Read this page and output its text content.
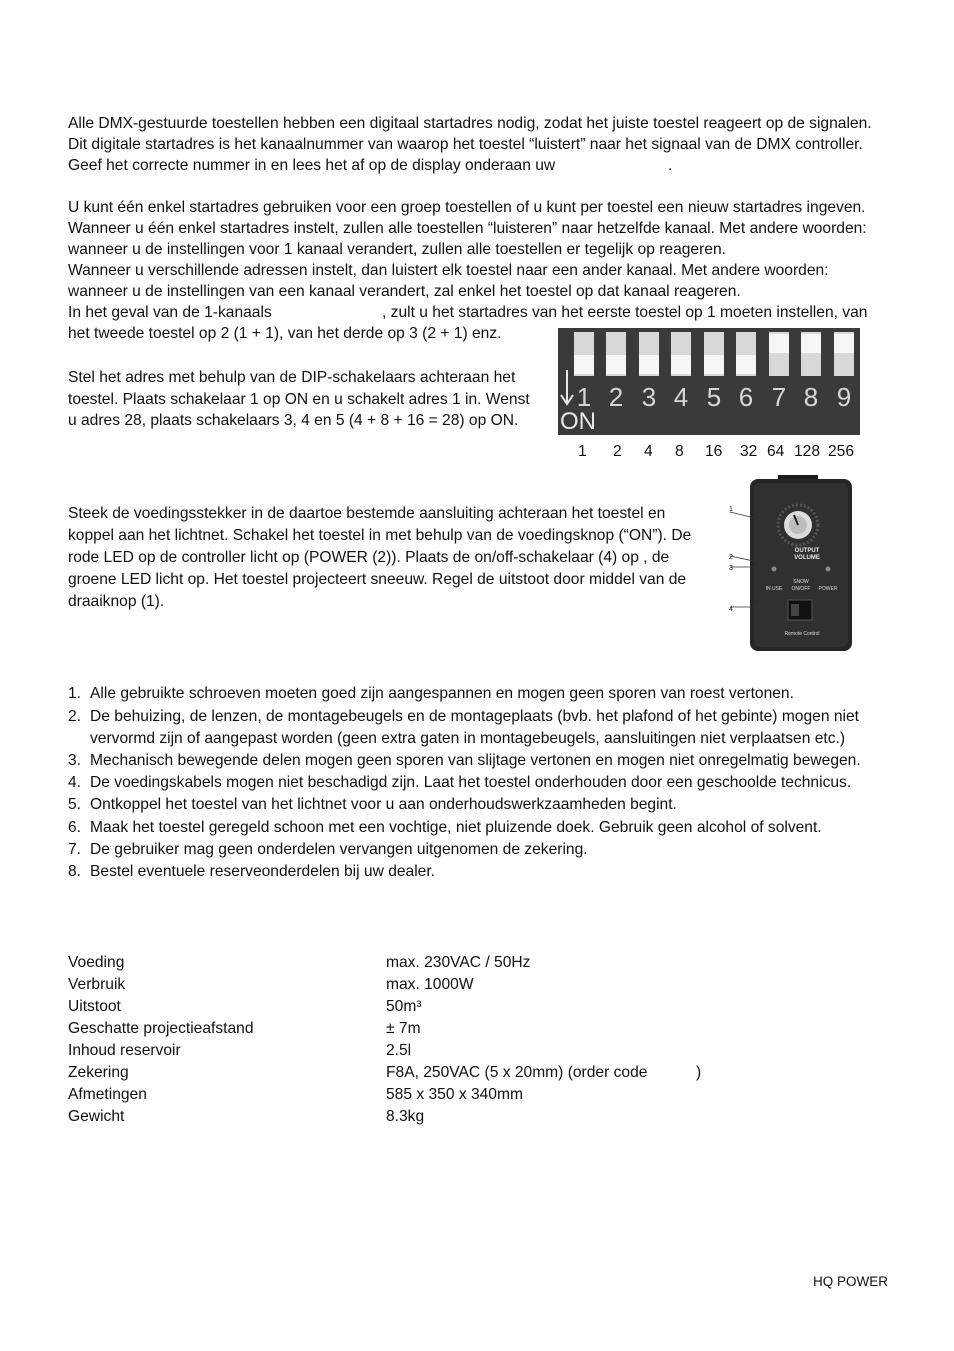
Alle DMX-gestuurde toestellen hebben een digitaal startadres nodig, zodat het juiste toestel reageert op de signalen.
Dit digitale startadres is het kanaalnummer van waarop het toestel “luistert” naar het signaal van de DMX controller.
Geef het correcte nummer in en lees het af op de display onderaan uw	.
U kunt één enkel startadres gebruiken voor een groep toestellen of u kunt per toestel een nieuw startadres ingeven.
Wanneer u één enkel startadres instelt, zullen alle toestellen “luisteren” naar hetzelfde kanaal. Met andere woorden:
wanneer u de instellingen voor 1 kanaal verandert, zullen alle toestellen er tegelijk op reageren.
Wanneer u verschillende adressen instelt, dan luistert elk toestel naar een ander kanaal. Met andere woorden:
wanneer u de instellingen van een kanaal verandert, zal enkel het toestel op dat kanaal reageren.
In het geval van de 1-kanaals	, zult u het startadres van het eerste toestel op 1 moeten instellen, van
het tweede toestel op 2 (1 + 1), van het derde op 3 (2 + 1) enz.
Stel het adres met behulp van de DIP-schakelaars achteraan het
toestel. Plaats schakelaar 1 op ON en u schakelt adres 1 in. Wenst
u adres 28, plaats schakelaars 3, 4 en 5 (4 + 8 + 16 = 28) op ON.
1 2 3 4 5 6 7 8 9
ON
1 2 4 8 16 32 64 128 256
Steek de voedingsstekker in de daartoe bestemde aansluiting achteraan het toestel en
koppel aan het lichtnet. Schakel het toestel in met behulp van de voedingsknop (“ON”). De
rode LED op de controller licht op (POWER (2)). Plaats de on/off-schakelaar (4) op , de
groene LED licht op. Het toestel projecteert sneeuw. Regel de uitstoot door middel van de
draaiknop (1).
1
2
3
4
OUTPUT
VOLUME
IN USE
SNOW
ON/OFF POWER
Remote Control
1. Alle gebruikte schroeven moeten goed zijn aangespannen en mogen geen sporen van roest vertonen.
2. De behuizing, de lenzen, de montagebeugels en de montageplaats (bvb. het plafond of het gebinte) mogen niet
vervormd zijn of aangepast worden (geen extra gaten in montagebeugels, aansluitingen niet verplaatsen etc.)
3. Mechanisch bewegende delen mogen geen sporen van slijtage vertonen en mogen niet onregelmatig bewegen.
4. De voedingskabels mogen niet beschadigd zijn. Laat het toestel onderhouden door een geschoolde technicus.
5. Ontkoppel het toestel van het lichtnet voor u aan onderhoudswerkzaamheden begint.
6. Maak het toestel geregeld schoon met een vochtige, niet pluizende doek. Gebruik geen alcohol of solvent.
7. De gebruiker mag geen onderdelen vervangen uitgenomen de zekering.
8. Bestel eventuele reserveonderdelen bij uw dealer.
Voeding	max. 230VAC / 50Hz
Verbruik	max. 1000W
Uitstoot	50m³
Geschatte projectieafstand	± 7m
Inhoud reservoir	2.5l
Zekering	F8A, 250VAC (5 x 20mm) (order code	)
Afmetingen	585 x 350 x 340mm
Gewicht	8.3kg
HQ POWER
